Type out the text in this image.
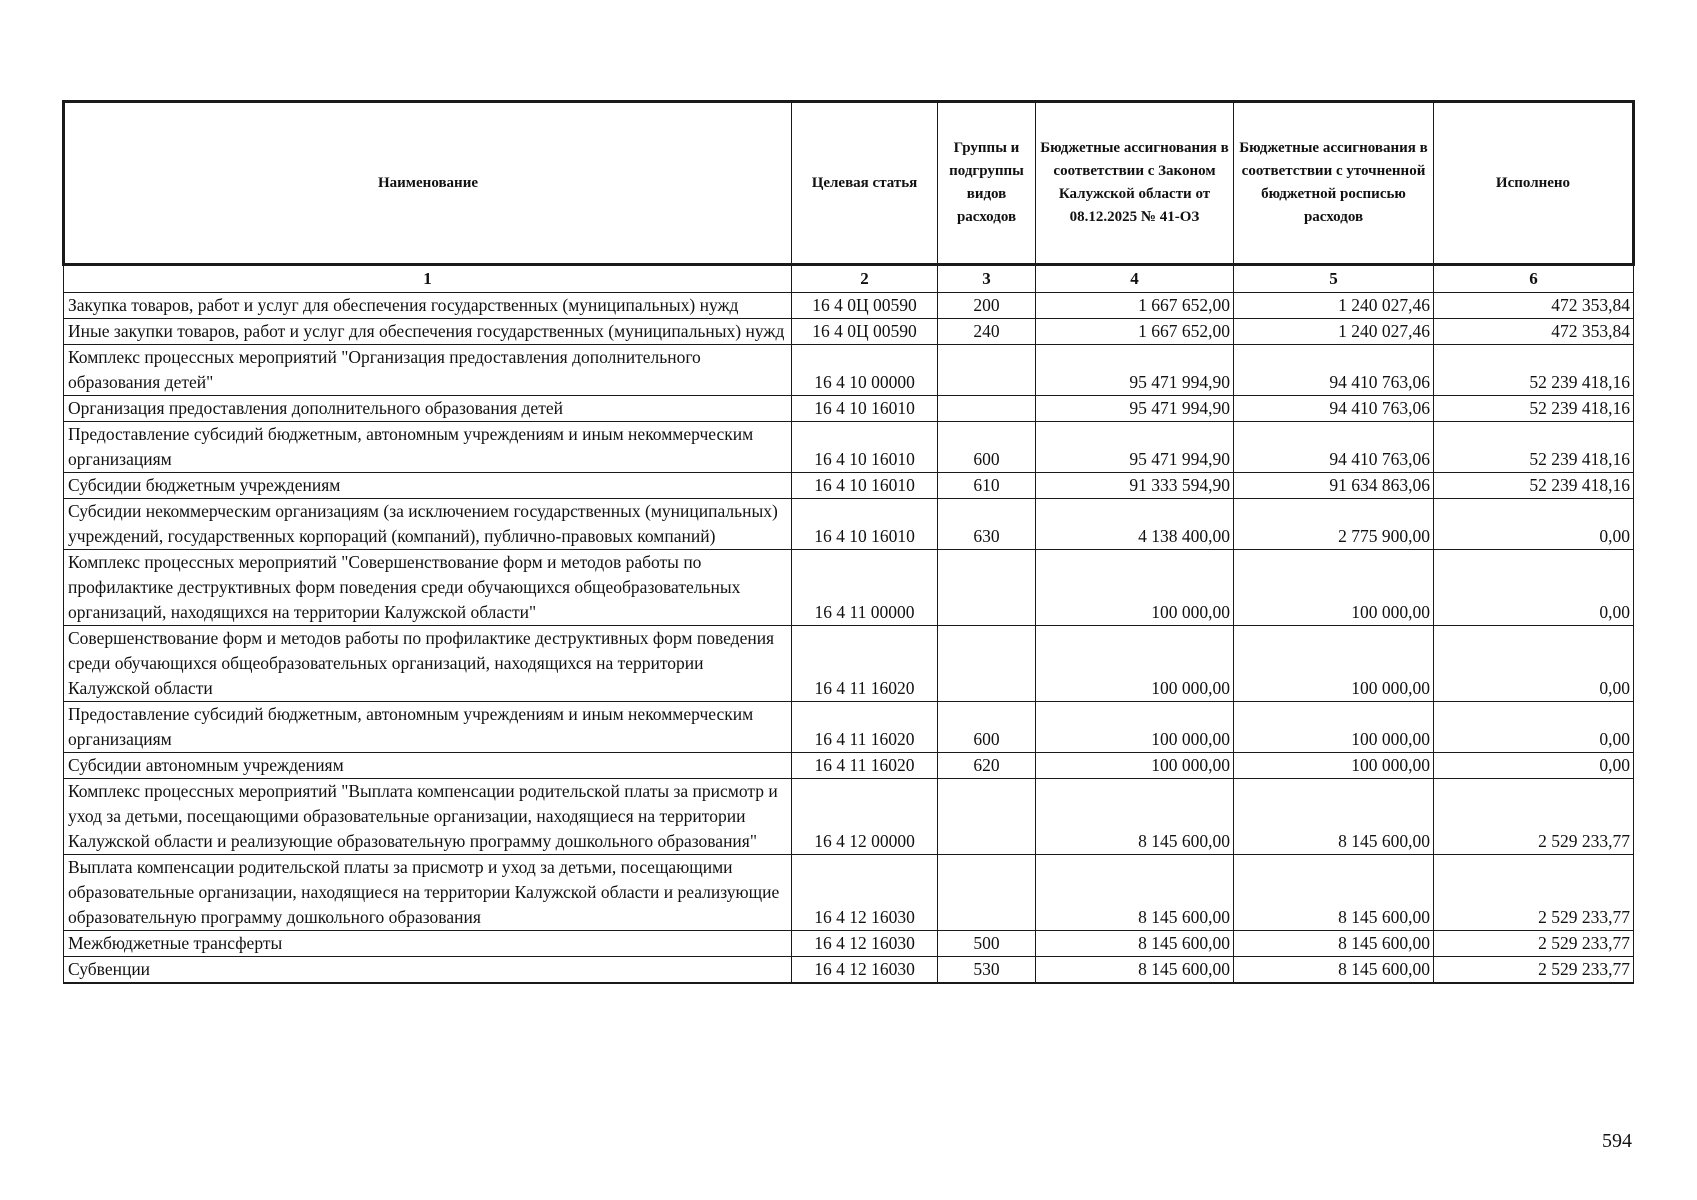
Наименование	Целевая статья	Группы и подгруппы видов расходов	Бюджетные ассигнования в соответствии с Законом Калужской области от 08.12.2025 № 41-ОЗ	Бюджетные ассигнования в соответствии с уточненной бюджетной росписью расходов	Исполнено
1	2	3	4	5	6
Закупка товаров, работ и услуг для обеспечения государственных (муниципальных) нужд	16 4 0Ц 00590	200	1 667 652,00	1 240 027,46	472 353,84
Иные закупки товаров, работ и услуг для обеспечения государственных (муниципальных) нужд	16 4 0Ц 00590	240	1 667 652,00	1 240 027,46	472 353,84
Комплекс процессных мероприятий "Организация предоставления дополнительного образования детей"	16 4 10 00000		95 471 994,90	94 410 763,06	52 239 418,16
Организация предоставления дополнительного образования детей	16 4 10 16010		95 471 994,90	94 410 763,06	52 239 418,16
Предоставление субсидий бюджетным, автономным учреждениям и иным некоммерческим организациям	16 4 10 16010	600	95 471 994,90	94 410 763,06	52 239 418,16
Субсидии бюджетным учреждениям	16 4 10 16010	610	91 333 594,90	91 634 863,06	52 239 418,16
Субсидии некоммерческим организациям (за исключением государственных (муниципальных) учреждений, государственных корпораций (компаний), публично-правовых компаний)	16 4 10 16010	630	4 138 400,00	2 775 900,00	0,00
Комплекс процессных мероприятий "Совершенствование форм и методов работы по профилактике деструктивных форм поведения среди обучающихся общеобразовательных организаций, находящихся на территории Калужской области"	16 4 11 00000		100 000,00	100 000,00	0,00
Совершенствование форм и методов работы по профилактике деструктивных форм поведения среди обучающихся общеобразовательных организаций, находящихся на территории Калужской области	16 4 11 16020		100 000,00	100 000,00	0,00
Предоставление субсидий бюджетным, автономным учреждениям и иным некоммерческим организациям	16 4 11 16020	600	100 000,00	100 000,00	0,00
Субсидии автономным учреждениям	16 4 11 16020	620	100 000,00	100 000,00	0,00
Комплекс процессных мероприятий "Выплата компенсации родительской платы за присмотр и уход за детьми, посещающими образовательные организации, находящиеся на территории Калужской области и реализующие образовательную программу дошкольного образования"	16 4 12 00000		8 145 600,00	8 145 600,00	2 529 233,77
Выплата компенсации родительской платы за присмотр и уход за детьми, посещающими образовательные организации, находящиеся на территории Калужской области и реализующие образовательную программу дошкольного образования	16 4 12 16030		8 145 600,00	8 145 600,00	2 529 233,77
Межбюджетные трансферты	16 4 12 16030	500	8 145 600,00	8 145 600,00	2 529 233,77
Субвенции	16 4 12 16030	530	8 145 600,00	8 145 600,00	2 529 233,77
594
